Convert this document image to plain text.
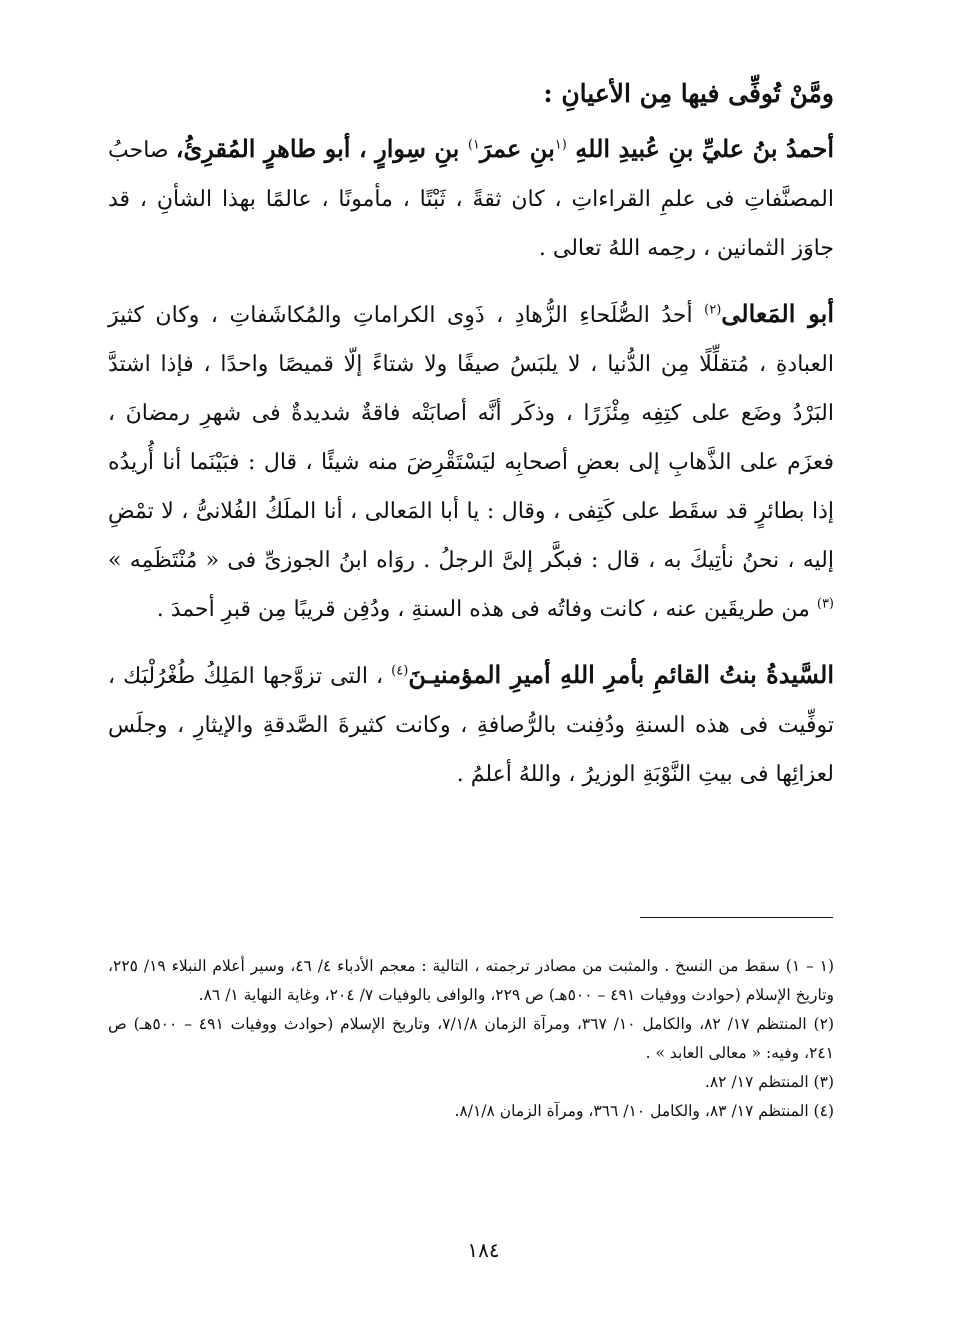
ومَّنْ تُوفِّى فيها مِن الأعيانِ :

أحمدُ بنُ عليِّ بنِ عُبيدِ اللهِ $^{(١}$بنِ عمرَ$^{١)}$ بنِ سِوارٍ ، أبو طاهرٍ المُقرِئُ، صاحبُ المصنَّفاتِ فى علمِ القراءاتِ ، كان ثقةً ، ثَبْتًا ، مأمونًا ، عالمًا بهذا الشأنِ ، قد جاوَز الثمانين ، رحِمه اللهُ تعالى .

أبو المَعالى$^{(٢)}$ أحدُ الصُّلَحاءِ الزُّهادِ ، ذَوِى الكراماتِ والمُكاشَفاتِ ، وكان كثيرَ العبادةِ ، مُتقلِّلًا مِن الدُّنيا ، لا يلبَسُ صيفًا ولا شتاءً إلّا قميصًا واحدًا ، فإذا اشتدَّ البَرْدُ وضَع على كتِفِه مِئْزَرًا ، وذكَر أنَّه أصابَتْه فاقةٌ شديدةٌ فى شهرِ رمضانَ ، فعزَم على الذَّهابِ إلى بعضِ أصحابِه ليَسْتَقْرِضَ منه شيئًا ، قال : فبَيْنَما أنا أُريدُه إذا بطائرٍ قد سقَط على كَتِفى ، وقال : يا أبا المَعالى ، أنا الملَكُ الفُلانىُّ ، لا تمْضِ إليه ، نحنُ نأتِيكَ به ، قال : فبكَّر إلىَّ الرجلُ . روَاه ابنُ الجوزىِّ فى « مُنْتَظَمِه » $^{(٣)}$ من طريقَين عنه ، كانت وفاتُه فى هذه السنةِ ، ودُفِن قريبًا مِن قبرِ أحمدَ .

السَّيدةُ بنتُ القائمِ بأمرِ اللهِ أميرِ المؤمنيـنَ$^{(٤)}$ ، التى تزوَّجها المَلِكُ طُغْرُلْبَك ، توفِّيت فى هذه السنةِ ودُفِنت بالرُّصافةِ ، وكانت كثيرةَ الصَّدقةِ والإيثارِ ، وجلَس لعزائِها فى بيتِ النَّوْبَةِ الوزيرُ ، واللهُ أعلمُ .

(١ – ١) سقط من النسخ . والمثبت من مصادر ترجمته ، التالية : معجم الأدباء ٤/ ٤٦، وسير أعلام النبلاء ١٩/ ٢٢٥، وتاريخ الإسلام (حوادث ووفيات ٤٩١ – ٥٠٠هـ) ص ٢٢٩، والوافى بالوفيات ٧/ ٢٠٤، وغاية النهاية ١/ ٨٦.

(٢) المنتظم ١٧/ ٨٢، والكامل ١٠/ ٣٦٧، ومرآة الزمان ٧/١/٨، وتاريخ الإسلام (حوادث ووفيات ٤٩١ – ٥٠٠هـ) ص ٢٤١، وفيه: « معالى العابد » .

(٣) المنتظم ١٧/ ٨٢.

(٤) المنتظم ١٧/ ٨٣، والكامل ١٠/ ٣٦٦، ومرآة الزمان ٨/١/٨.

١٨٤
